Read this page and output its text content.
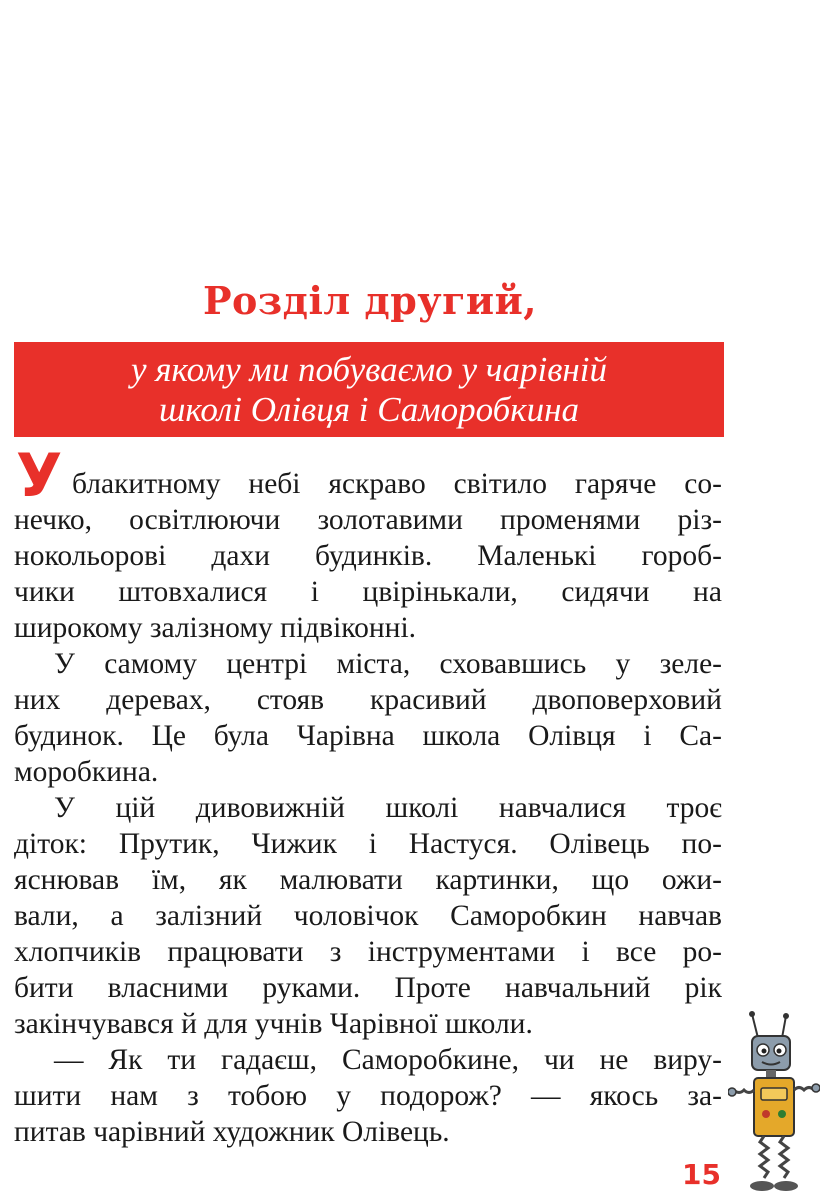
Розділ другий,
у якому ми побуваємо у чарівній
школі Олівця і Саморобкина
У блакитному небі яскраво світило гаряче со-
нечко, освітлюючи золотавими променями різ-
нокольорові дахи будинків. Маленькі гороб-
чики штовхалися і цвірінькали, сидячи на
широкому залізному підвіконні.
У самому центрі міста, сховавшись у зеле-
них деревах, стояв красивий двоповерховий
будинок. Це була Чарівна школа Олівця і Са-
моробкина.
У цій дивовижній школі навчалися троє
діток: Прутик, Чижик і Настуся. Олівець по-
яснював їм, як малювати картинки, що ожи-
вали, а залізний чоловічок Саморобкин навчав
хлопчиків працювати з інструментами і все ро-
бити власними руками. Проте навчальний рік
закінчувався й для учнів Чарівної школи.
— Як ти гадаєш, Саморобкине, чи не виру-
шити нам з тобою у подорож? — якось за-
питав чарівний художник Олівець.
15
